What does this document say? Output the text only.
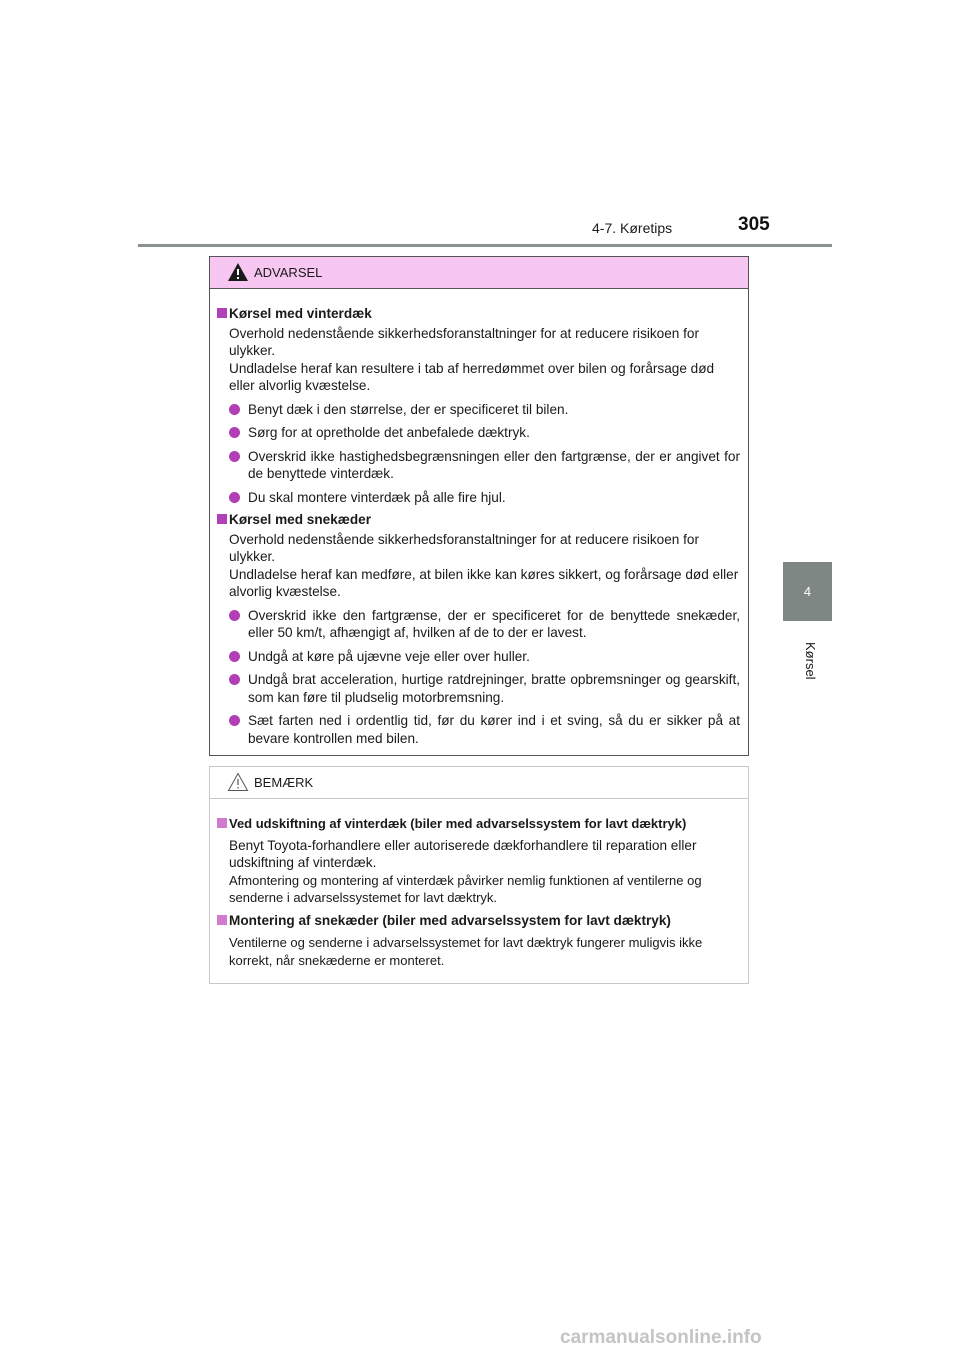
4-7. Køretips	305
4
Kørsel
ADVARSEL
Kørsel med vinterdæk
Overhold nedenstående sikkerhedsforanstaltninger for at reducere risikoen for ulykker.
Undladelse heraf kan resultere i tab af herredømmet over bilen og forårsage død eller alvorlig kvæstelse.
Benyt dæk i den størrelse, der er specificeret til bilen.
Sørg for at opretholde det anbefalede dæktryk.
Overskrid ikke hastighedsbegrænsningen eller den fartgrænse, der er angivet for de benyttede vinterdæk.
Du skal montere vinterdæk på alle fire hjul.
Kørsel med snekæder
Overhold nedenstående sikkerhedsforanstaltninger for at reducere risikoen for ulykker.
Undladelse heraf kan medføre, at bilen ikke kan køres sikkert, og forårsage død eller alvorlig kvæstelse.
Overskrid ikke den fartgrænse, der er specificeret for de benyttede snekæder, eller 50 km/t, afhængigt af, hvilken af de to der er lavest.
Undgå at køre på ujævne veje eller over huller.
Undgå brat acceleration, hurtige ratdrejninger, bratte opbremsninger og gearskift, som kan føre til pludselig motorbremsning.
Sæt farten ned i ordentlig tid, før du kører ind i et sving, så du er sikker på at bevare kontrollen med bilen.
BEMÆRK
Ved udskiftning af vinterdæk (biler med advarselssystem for lavt dæktryk)
Benyt Toyota-forhandlere eller autoriserede dækforhandlere til reparation eller udskiftning af vinterdæk.
Afmontering og montering af vinterdæk påvirker nemlig funktionen af ventilerne og senderne i advarselssystemet for lavt dæktryk.
Montering af snekæder (biler med advarselssystem for lavt dæktryk)
Ventilerne og senderne i advarselssystemet for lavt dæktryk fungerer muligvis ikke korrekt, når snekæderne er monteret.
carmanualsonline.info
